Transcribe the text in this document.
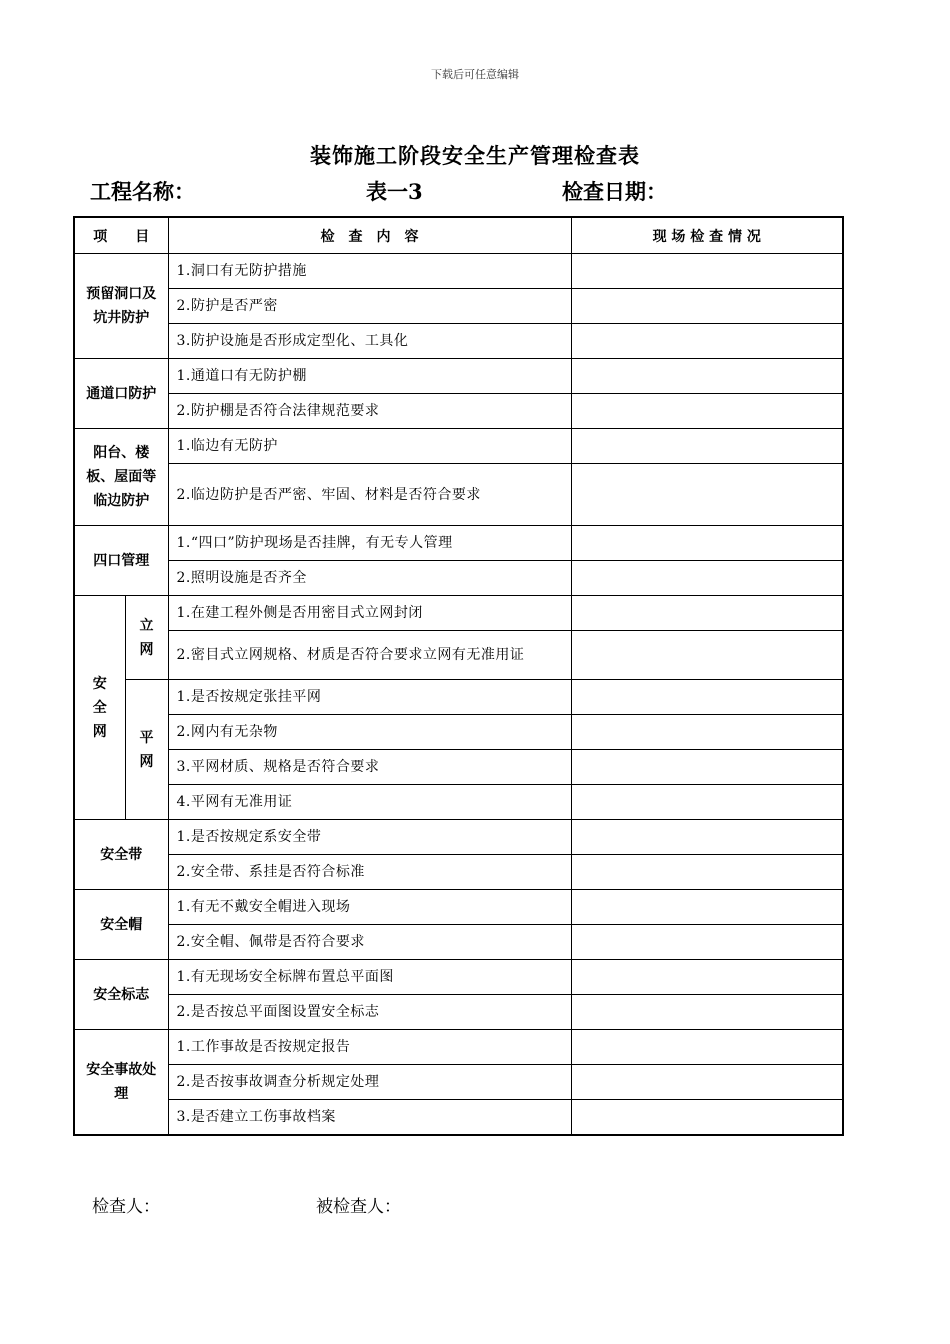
下载后可任意编辑
装饰施工阶段安全生产管理检查表
工程名称：	表一3	检查日期：
项　　目		检　查　内　容	现 场 检 查 情 况
预留洞口及坑井防护		1.洞口有无防护措施	
		2.防护是否严密	
		3.防护设施是否形成定型化、工具化	
通道口防护		1.通道口有无防护棚	
		2.防护棚是否符合法律规范要求	
阳台、楼板、屋面等临边防护		1.临边有无防护	
		2.临边防护是否严密、牢固、材料是否符合要求	
四口管理		1.“四口”防护现场是否挂牌，有无专人管理	
		2.照明设施是否齐全	
安全网	立网	1.在建工程外侧是否用密目式立网封闭	
		2.密目式立网规格、材质是否符合要求立网有无准用证	
	平网	1.是否按规定张挂平网	
		2.网内有无杂物	
		3.平网材质、规格是否符合要求	
		4.平网有无准用证	
安全带		1.是否按规定系安全带	
		2.安全带、系挂是否符合标准	
安全帽		1.有无不戴安全帽进入现场	
		2.安全帽、佩带是否符合要求	
安全标志		1.有无现场安全标牌布置总平面图	
		2.是否按总平面图设置安全标志	
安全事故处理		1.工作事故是否按规定报告	
		2.是否按事故调查分析规定处理	
		3.是否建立工伤事故档案	
检查人：	被检查人：
